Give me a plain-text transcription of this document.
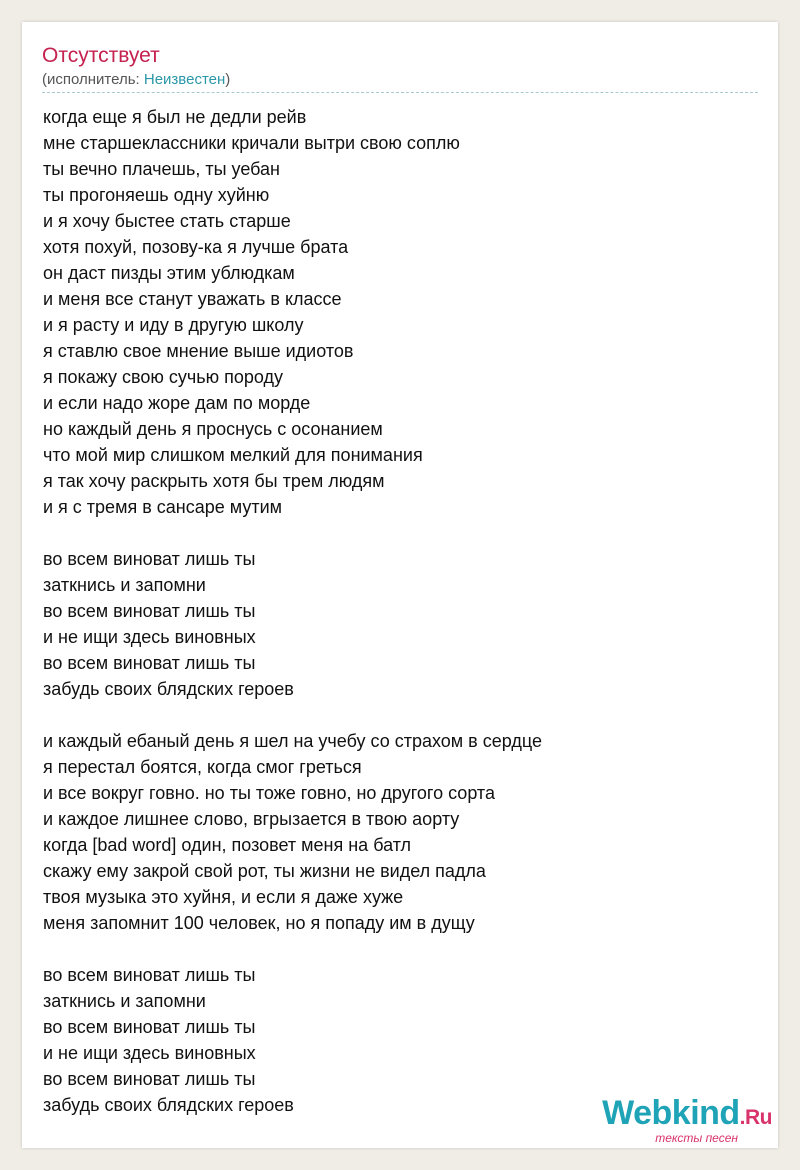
Отсутствует
(исполнитель: Неизвестен)
когда еще я был не дедли рейв
мне старшеклассники кричали вытри свою соплю
ты вечно плачешь, ты уебан
ты прогоняешь одну хуйню
и я хочу быстее стать старше
хотя похуй, позову-ка я лучше брата
он даст пизды этим ублюдкам
и меня все станут уважать в классе
и я расту и иду в другую школу
я ставлю свое мнение выше идиотов
я покажу свою сучью породу
и если надо жоре дам по морде
но каждый день я проснусь с осонанием
что мой мир слишком мелкий для понимания
я так хочу раскрыть хотя бы трем людям
и я с тремя в сансаре мутим
во всем виноват лишь ты
заткнись и запомни
во всем виноват лишь ты
и не ищи здесь виновных
во всем виноват лишь ты
забудь своих блядских героев
и каждый ебаный день я шел на учебу со страхом в сердце
я перестал боятся, когда смог греться
и все вокруг говно. но ты тоже говно, но другого сорта
и каждое лишнее слово, вгрызается в твою аорту
когда [bad word] один, позовет меня на батл
скажу ему закрой свой рот, ты жизни не видел падла
твоя музыка это хуйня, и если я даже хуже
меня запомнит 100 человек, но я попаду им в дущу
во всем виноват лишь ты
заткнись и запомни
во всем виноват лишь ты
и не ищи здесь виновных
во всем виноват лишь ты
забудь своих блядских героев	Webkind.Ru
тексты песен
